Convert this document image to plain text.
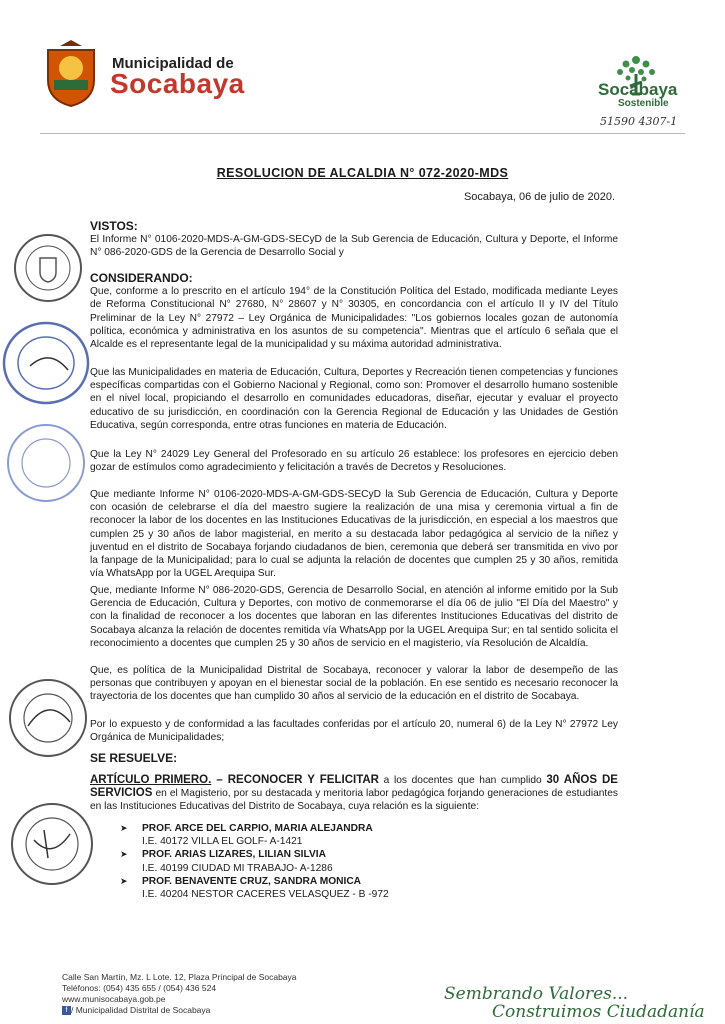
Municipalidad de
Socabaya	Socabaya
Sostenible
51590 4307-1
RESOLUCION DE ALCALDIA N° 072-2020-MDS
Socabaya, 06 de julio de 2020.
VISTOS:
El Informe N° 0106-2020-MDS-A-GM-GDS-SECyD de la Sub Gerencia de Educación, Cultura y Deporte, el Informe N° 086-2020-GDS de la Gerencia de Desarrollo Social y
CONSIDERANDO:
Que, conforme a lo prescrito en el artículo 194° de la Constitución Política del Estado, modificada mediante Leyes de Reforma Constitucional N° 27680, N° 28607 y N° 30305, en concordancia con el artículo II y IV del Título Preliminar de la Ley N° 27972 – Ley Orgánica de Municipalidades: "Los gobiernos locales gozan de autonomía política, económica y administrativa en los asuntos de su competencia". Mientras que el artículo 6 señala que el Alcalde es el representante legal de la municipalidad y su máxima autoridad administrativa.
Que las Municipalidades en materia de Educación, Cultura, Deportes y Recreación tienen competencias y funciones específicas compartidas con el Gobierno Nacional y Regional, como son: Promover el desarrollo humano sostenible en el nivel local, propiciando el desarrollo en comunidades educadoras, diseñar, ejecutar y evaluar el proyecto educativo de su jurisdicción, en coordinación con la Gerencia Regional de Educación y las Unidades de Gestión Educativa, según corresponda, entre otras funciones en materia de Educación.
Que la Ley N° 24029 Ley General del Profesorado en su artículo 26 establece: los profesores en ejercicio deben gozar de estímulos como agradecimiento y felicitación a través de Decretos y Resoluciones.
Que mediante Informe N° 0106-2020-MDS-A-GM-GDS-SECyD la Sub Gerencia de Educación, Cultura y Deporte con ocasión de celebrarse el día del maestro sugiere la realización de una misa y ceremonia virtual a fin de reconocer la labor de los docentes en las Instituciones Educativas de la jurisdicción, en especial a los maestros que cumplen 25 y 30 años de labor magisterial, en merito a su destacada labor pedagógica al servicio de la niñez y juventud en el distrito de Socabaya forjando ciudadanos de bien, ceremonia que deberá ser transmitida en vivo por la fanpage de la Municipalidad; para lo cual se adjunta la relación de docentes que cumplen 25 y 30 años, remitida vía WhatsApp por la UGEL Arequipa Sur.
Que, mediante Informe N° 086-2020-GDS, Gerencia de Desarrollo Social, en atención al informe emitido por la Sub Gerencia de Educación, Cultura y Deportes, con motivo de conmemorarse el día 06 de julio "El Día del Maestro" y con la finalidad de reconocer a los docentes que laboran en las diferentes Instituciones Educativas del distrito de Socabaya alcanza la relación de docentes remitida vía WhatsApp por la UGEL Arequipa Sur; en tal sentido solicita el reconocimiento a docentes que cumplen 25 y 30 años de servicio en el magisterio, vía Resolución de Alcaldía.
Que, es política de la Municipalidad Distrital de Socabaya, reconocer y valorar la labor de desempeño de las personas que contribuyen y apoyan en el bienestar social de la población. En ese sentido es necesario reconocer la trayectoria de los docentes que han cumplido 30 años al servicio de la educación en el distrito de Socabaya.
Por lo expuesto y de conformidad a las facultades conferidas por el artículo 20, numeral 6) de la Ley N° 27972 Ley Orgánica de Municipalidades;
SE RESUELVE:
ARTÍCULO PRIMERO. – RECONOCER Y FELICITAR a los docentes que han cumplido 30 AÑOS DE SERVICIOS en el Magisterio, por su destacada y meritoria labor pedagógica forjando generaciones de estudiantes en las Instituciones Educativas del Distrito de Socabaya, cuya relación es la siguiente:
➤	PROF. ARCE DEL CARPIO, MARIA ALEJANDRA
I.E. 40172 VILLA EL GOLF- A-1421
➤	PROF. ARIAS LIZARES, LILIAN SILVIA
I.E. 40199 CIUDAD MI TRABAJO- A-1286
➤	PROF. BENAVENTE CRUZ, SANDRA MONICA
I.E. 40204 NESTOR CACERES VELASQUEZ - B -972
Calle San Martín, Mz. L Lote. 12, Plaza Principal de Socabaya
Teléfonos: (054) 435 655 / (054) 436 524
www.munisocabaya.gob.pe
f / Municipalidad Distrital de Socabaya
Sembrando Valores...
Construimos Ciudadanía
